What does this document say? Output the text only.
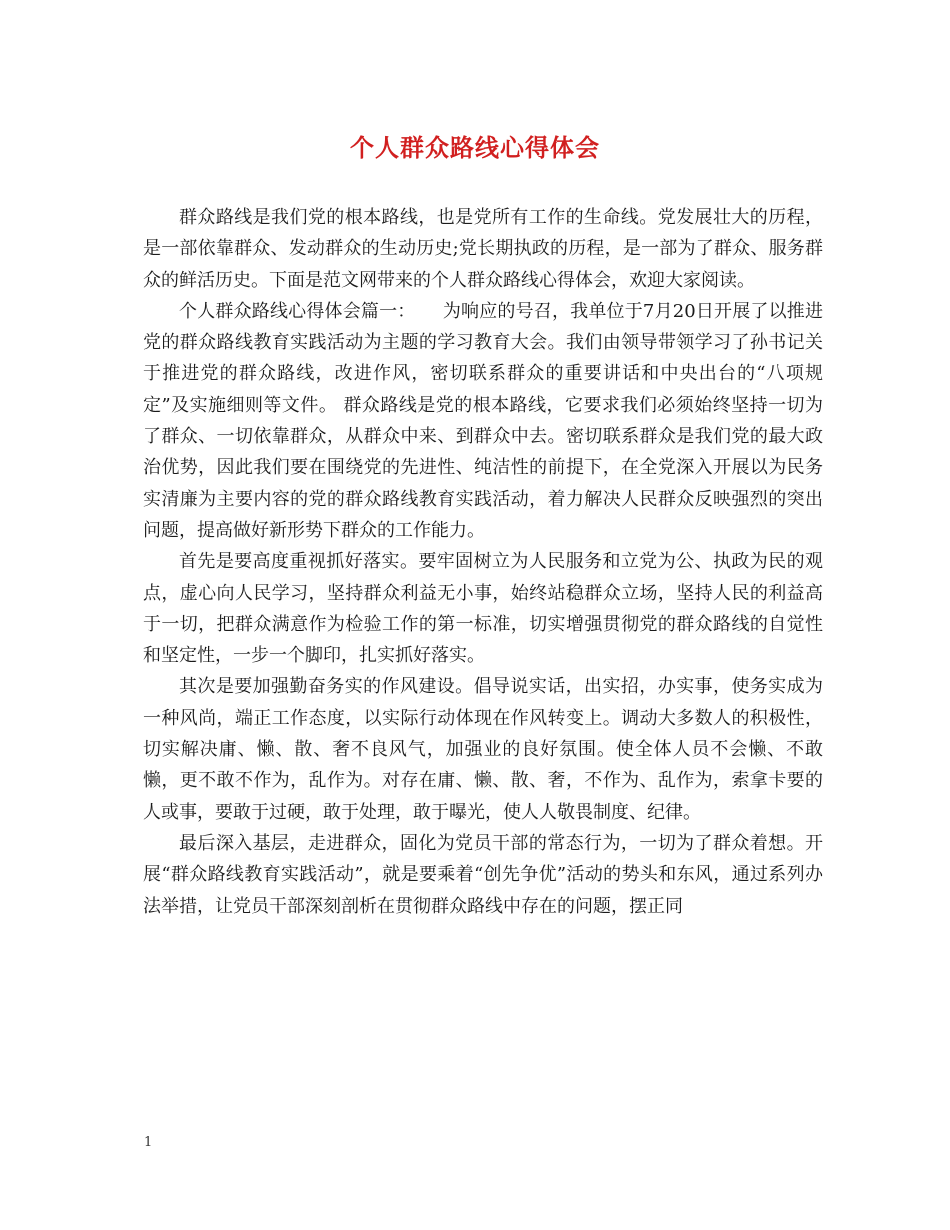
个人群众路线心得体会

群众路线是我们党的根本路线，也是党所有工作的生命线。党发展壮大的历程，是一部依靠群众、发动群众的生动历史;党长期执政的历程，是一部为了群众、服务群众的鲜活历史。下面是范文网带来的个人群众路线心得体会，欢迎大家阅读。

个人群众路线心得体会篇一：　　为响应的号召，我单位于7月20日开展了以推进党的群众路线教育实践活动为主题的学习教育大会。我们由领导带领学习了孙书记关于推进党的群众路线，改进作风，密切联系群众的重要讲话和中央出台的“八项规定”及实施细则等文件。 群众路线是党的根本路线，它要求我们必须始终坚持一切为了群众、一切依靠群众，从群众中来、到群众中去。密切联系群众是我们党的最大政治优势，因此我们要在围绕党的先进性、纯洁性的前提下，在全党深入开展以为民务实清廉为主要内容的党的群众路线教育实践活动，着力解决人民群众反映强烈的突出问题，提高做好新形势下群众的工作能力。

首先是要高度重视抓好落实。要牢固树立为人民服务和立党为公、执政为民的观点，虚心向人民学习，坚持群众利益无小事，始终站稳群众立场，坚持人民的利益高于一切，把群众满意作为检验工作的第一标准，切实增强贯彻党的群众路线的自觉性和坚定性，一步一个脚印，扎实抓好落实。

其次是要加强勤奋务实的作风建设。倡导说实话，出实招，办实事，使务实成为一种风尚，端正工作态度，以实际行动体现在作风转变上。调动大多数人的积极性，切实解决庸、懒、散、奢不良风气，加强业的良好氛围。使全体人员不会懒、不敢懒，更不敢不作为，乱作为。对存在庸、懒、散、奢，不作为、乱作为，索拿卡要的人或事，要敢于过硬，敢于处理，敢于曝光，使人人敬畏制度、纪律。

最后深入基层，走进群众，固化为党员干部的常态行为，一切为了群众着想。开展“群众路线教育实践活动”，就是要乘着“创先争优”活动的势头和东风，通过系列办法举措，让党员干部深刻剖析在贯彻群众路线中存在的问题，摆正同

1
